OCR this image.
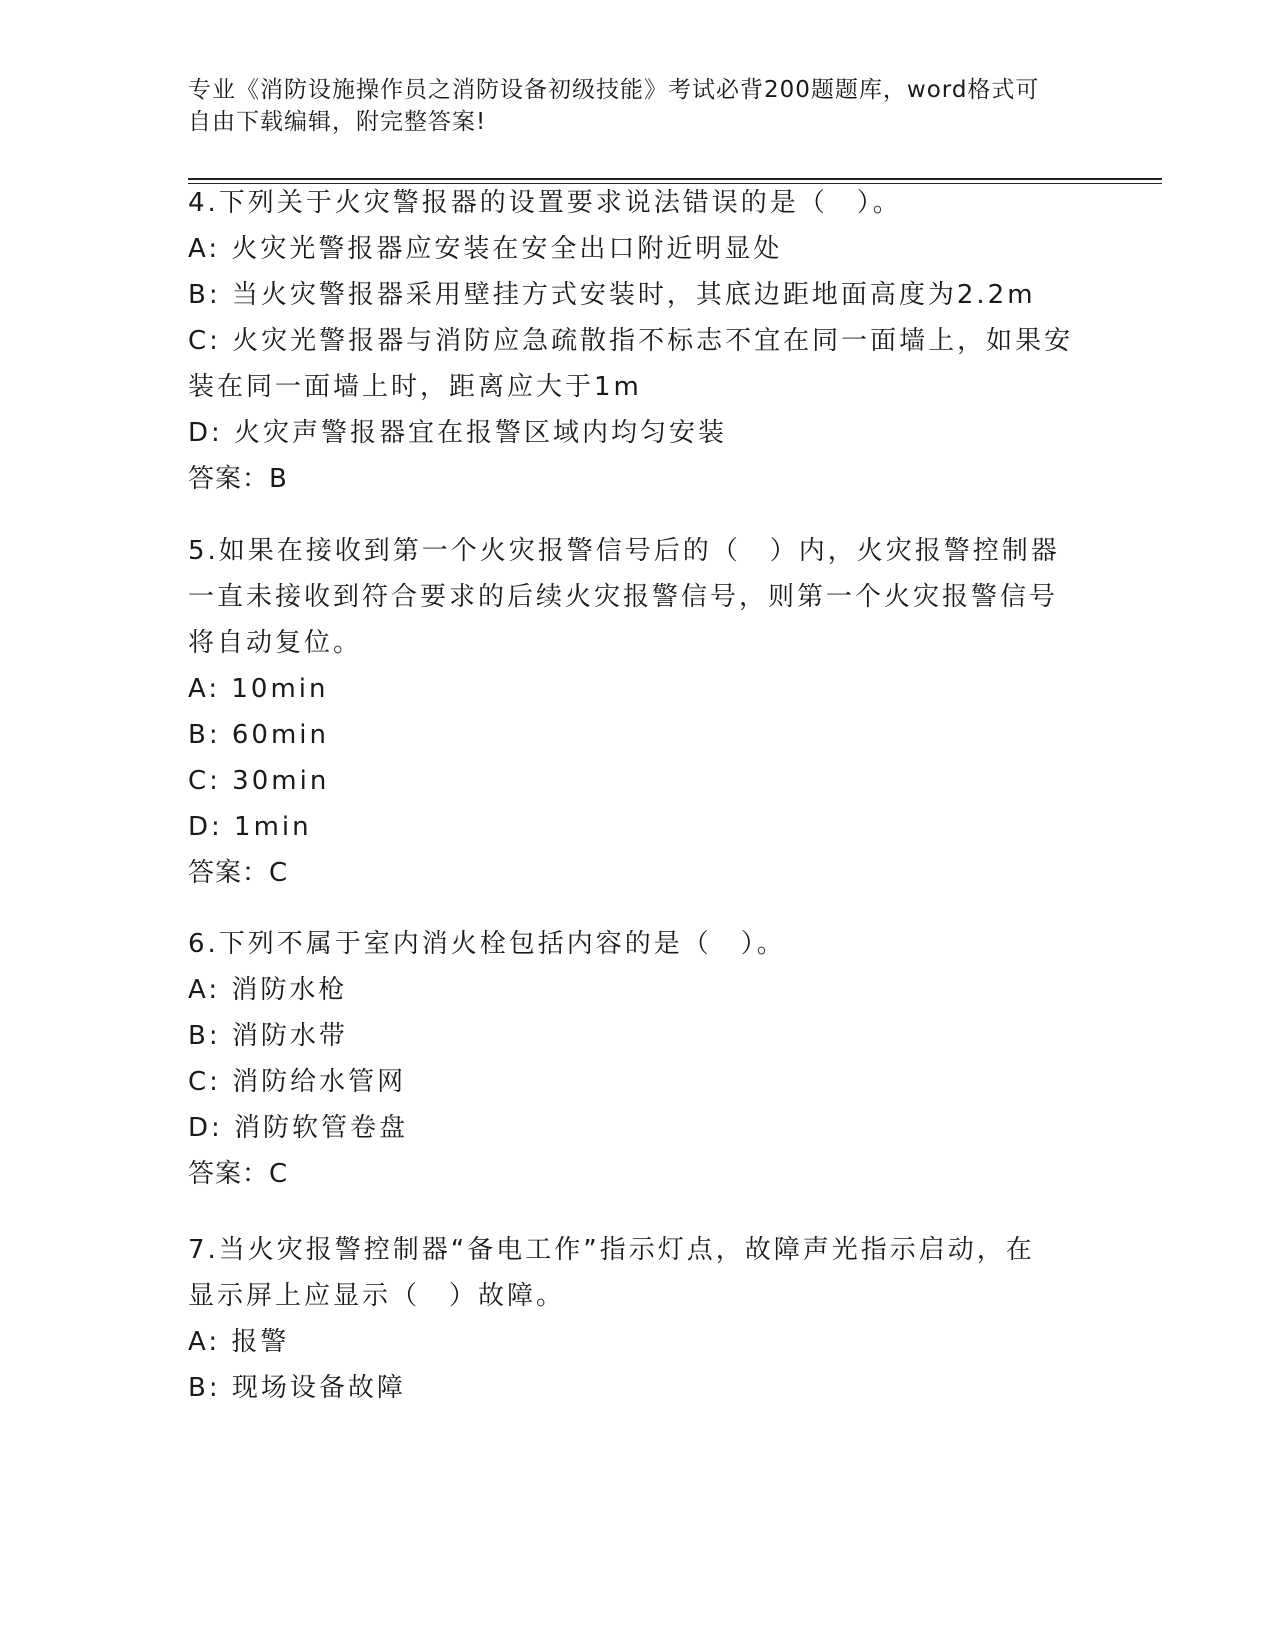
专业《消防设施操作员之消防设备初级技能》考试必背200题题库，word格式可
自由下载编辑，附完整答案!
4.下列关于火灾警报器的设置要求说法错误的是（　）。
A: 火灾光警报器应安装在安全出口附近明显处
B: 当火灾警报器采用壁挂方式安装时，其底边距地面高度为2.2m
C: 火灾光警报器与消防应急疏散指不标志不宜在同一面墙上，如果安
装在同一面墙上时，距离应大于1m
D: 火灾声警报器宜在报警区域内均匀安装
答案：B
5.如果在接收到第一个火灾报警信号后的（　）内，火灾报警控制器
一直未接收到符合要求的后续火灾报警信号，则第一个火灾报警信号
将自动复位。
A: 10min
B: 60min
C: 30min
D: 1min
答案：C
6.下列不属于室内消火栓包括内容的是（　）。
A: 消防水枪
B: 消防水带
C: 消防给水管网
D: 消防软管卷盘
答案：C
7.当火灾报警控制器“备电工作”指示灯点，故障声光指示启动，在
显示屏上应显示（　）故障。
A: 报警
B: 现场设备故障
